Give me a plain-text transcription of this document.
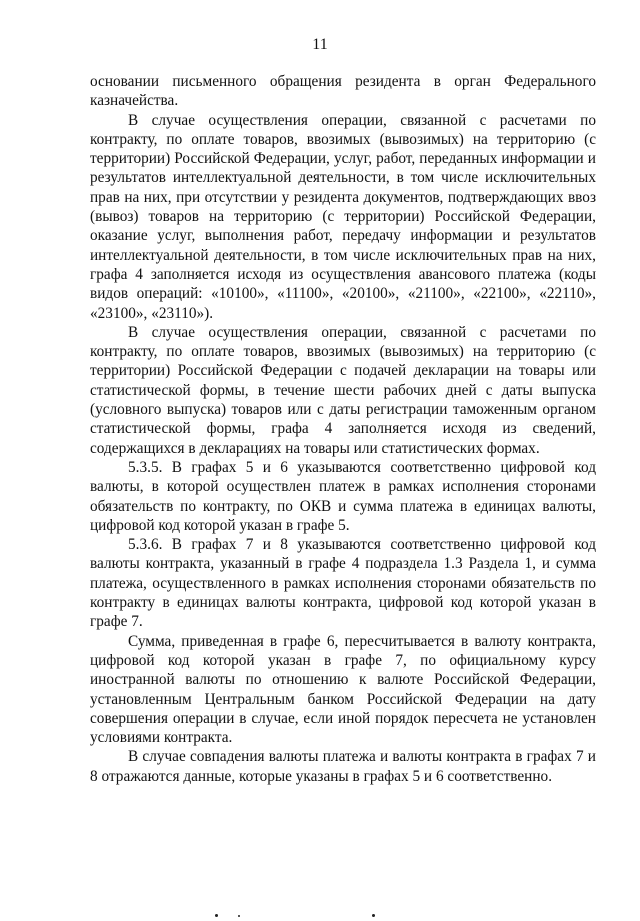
11

основании письменного обращения резидента в орган Федерального казначейства.

В случае осуществления операции, связанной с расчетами по контракту, по оплате товаров, ввозимых (вывозимых) на территорию (с территории) Российской Федерации, услуг, работ, переданных информации и результатов интеллектуальной деятельности, в том числе исключительных прав на них, при отсутствии у резидента документов, подтверждающих ввоз (вывоз) товаров на территорию (с территории) Российской Федерации, оказание услуг, выполнения работ, передачу информации и результатов интеллектуальной деятельности, в том числе исключительных прав на них, графа 4 заполняется исходя из осуществления авансового платежа (коды видов операций: «10100», «11100», «20100», «21100», «22100», «22110», «23100», «23110»).

В случае осуществления операции, связанной с расчетами по контракту, по оплате товаров, ввозимых (вывозимых) на территорию (с территории) Российской Федерации с подачей декларации на товары или статистической формы, в течение шести рабочих дней с даты выпуска (условного выпуска) товаров или с даты регистрации таможенным органом статистической формы, графа 4 заполняется исходя из сведений, содержащихся в декларациях на товары или статистических формах.

5.3.5. В графах 5 и 6 указываются соответственно цифровой код валюты, в которой осуществлен платеж в рамках исполнения сторонами обязательств по контракту, по ОКВ и сумма платежа в единицах валюты, цифровой код которой указан в графе 5.

5.3.6. В графах 7 и 8 указываются соответственно цифровой код валюты контракта, указанный в графе 4 подраздела 1.3 Раздела 1, и сумма платежа, осуществленного в рамках исполнения сторонами обязательств по контракту в единицах валюты контракта, цифровой код которой указан в графе 7.

Сумма, приведенная в графе 6, пересчитывается в валюту контракта, цифровой код которой указан в графе 7, по официальному курсу иностранной валюты по отношению к валюте Российской Федерации, установленным Центральным банком Российской Федерации на дату совершения операции в случае, если иной порядок пересчета не установлен условиями контракта.

В случае совпадения валюты платежа и валюты контракта в графах 7 и 8 отражаются данные, которые указаны в графах 5 и 6 соответственно.
